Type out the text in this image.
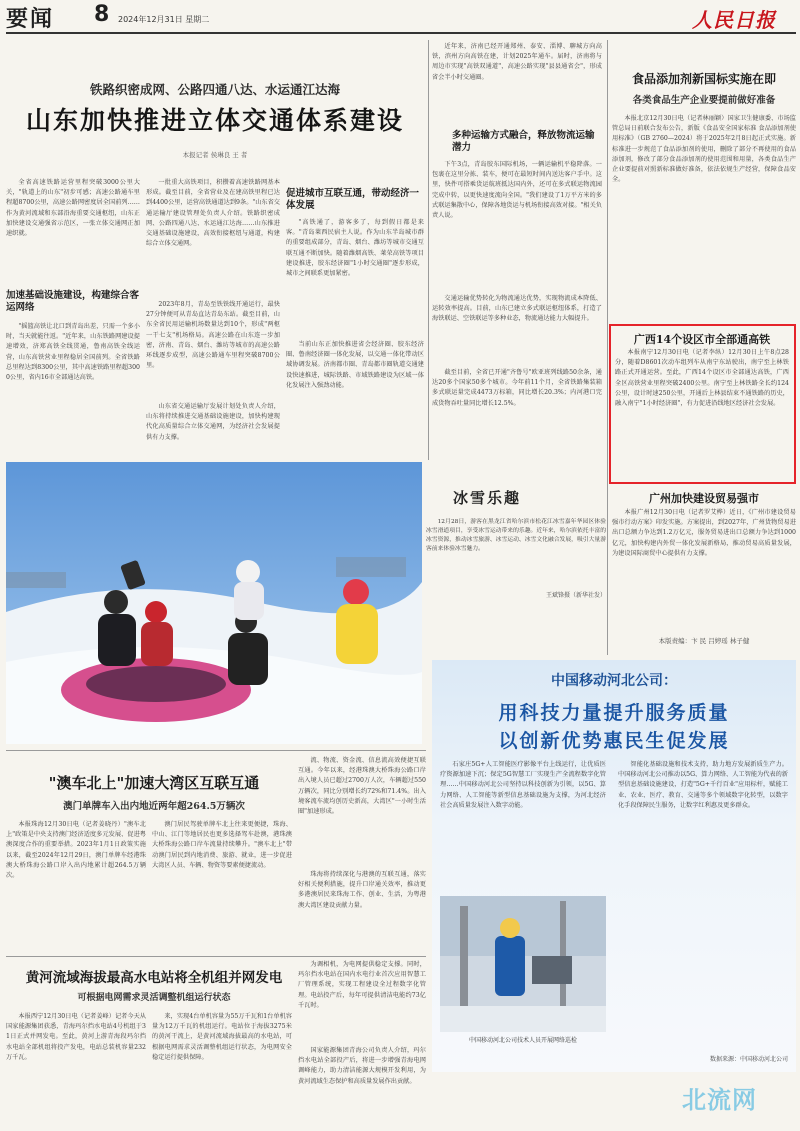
要闻 8 2024年12月31日 星期二	人民日报
铁路织密成网、公路四通八达、水运通江达海
山东加快推进立体交通体系建设
本报记者 侯琳良 王 者

全省高速铁路运营里程突破3000公里大关，"轨道上的山东"初步可感；高速公路通车里程超8700公里，高速公路网密度居全国前列……作为黄河流域和东部沿海重要交通枢纽，山东正加快建设交通强省示范区，一张立体交通网正加速织就。

加速基础设施建设，构建综合客运网络

"摇篮高铁让北口到青岛出差，只需一个多小时，当天就能往返。"近年来，山东铁路网建设提速增效，济郑高铁全线贯通，鲁南高铁全线运营，山东高铁营业里程稳居全国前列。全省铁路总里程达到8300公里，其中高速铁路里程超3000公里，省内16市全部通达高铁。

一批重大高铁项目，积攒着高速铁路网基本形成。截至目前，全省营业及在建高铁里程已达到4400公里，运营高铁通道达到9条。"山东省交通运输厅建设管理处负责人介绍。铁路织密成网、公路四通八达、水运通江达海……山东推进交通基础设施建设，高效衔接枢纽与通道，构建综合立体交通网。

2023年8月，青岛至铁铁线开通运行，最快27分钟便可从青岛直达青岛东站。截至目前，山东全省民用运输机场数量达到10个，形成"两枢一干七支"机场格局。高速公路在山东连一步加密，济南、青岛、烟台、潍坊等城市的高速公路环线逐步成型，高速公路通车里程突破8700公里。

山东省交通运输厅发展计划处负责人介绍，山东将持续推进交通基础设施建设，加快构建现代化高质量综合立体交通网，为经济社会发展提供有力支撑。

促进城市互联互通，带动经济一体发展

"高铁通了，游客多了，每到假日都是来客。"青岛莱西民宿主人说。作为山东半岛城市群的重要组成部分，青岛、烟台、潍坊等城市交通互联互通不断加快。随着潍烟高铁、莱荣高铁等项目建设推进，胶东经济圈"1小时交通圈"逐步形成，城市之间联系更加紧密。

当前山东正加快推进省会经济圈、胶东经济圈、鲁南经济圈一体化发展，以交通一体化带动区域协调发展。济南都市圈、青岛都市圈轨道交通建设快速推进，城际铁路、市域铁路建设为区域一体化发展注入强劲动能。

近年来，济南已经开通郑州、泰安、淄博、聊城方向高铁，滨州方向高铁在建，计划2025年通车。届时，济南将与周边市实现"高铁双通道"，高速公路实现"县县通省会"，形成省会半小时交通圈。

多种运输方式融合，释放物流运输潜力

下午3点，青岛胶东国际机场，一辆运输机平稳降落。一包裹在这里分拣、装车，便可在最短时间内送达客户手中。这里，快件可搭乘货运航班抵达国内外，还可在多式联运物流园完成中转，以更快速度流向全国。"我们建设了1万平方米的多式联运集散中心，保障各地货运与机场衔接高效对接。"相关负责人说。

交通运输优势转化为物流通达优势，实现物流成本降低、运转效率提高。目前，山东已建立多式联运枢纽体系，打造了海铁联运、空铁联运等多种业态，物流通达能力大幅提升。

截至目前，全省已开通"齐鲁号"欧亚班列线路50余条，通达20多个国家50多个城市。今年前11个月，全省铁路集装箱多式联运量完成4473万标箱，同比增长20.3%；内河港口完成货物吞吐量同比增长12.5%。

食品添加剂新国标实施在即
各类食品生产企业要提前做好准备

本报北京12月30日电（记者林丽颖）国家卫生健康委、市场监管总局日前联合发布公告，新版《食品安全国家标准 食品添加剂使用标准》（GB 2760—2024）将于2025年2月8日起正式实施。新标准进一步规范了食品添加剂的使用，删除了部分不再使用的食品添加剂，修改了部分食品添加剂的使用范围和用量，各类食品生产企业要提前对照新标准做好准备，依法依规生产经营，保障食品安全。

广西14个设区市全部通高铁

本报南宁12月30日电（记者李纵）12月30日上午8点28分，随着D8601次动车组列车从南宁东站驶出，南宁至上林铁路正式开通运营。至此，广西14个设区市全部通达高铁，广西全区高铁营业里程突破2400公里。南宁至上林铁路全长约124公里，设计时速250公里，开通后上林县结束不通铁路的历史，融入南宁"1小时经济圈"，有力促进沿线地区经济社会发展。

广州加快建设贸易强市

本报广州12月30日电（记者罗艾桦）近日，《广州市建设贸易强市行动方案》印发实施。方案提出，到2027年，广州货物贸易进出口总额力争达到1.2万亿元，服务贸易进出口总额力争达到1000亿元，加快构建内外贸一体化发展新格局，推动贸易高质量发展，为建设国际商贸中心提供有力支撑。

本版责编：卞 民 吕婷瑶 林子健
冰雪乐趣

12月28日，游客在黑龙江省哈尔滨市松花江冰雪嘉年华园区体验冰雪滑道项目，享受冰雪运动带来的乐趣。近年来，哈尔滨依托丰富的冰雪资源，推动冰雪旅游、冰雪运动、冰雪文化融合发展，吸引大量游客前来体验冰雪魅力。

王斌锋摄（新华社发）
"澳车北上"加速大湾区互联互通
澳门单牌车入出内地近两年超264.5万辆次

本报珠海12月30日电（记者姜晓丹）"澳车北上"政策是中央支持澳门经济适度多元发展、促进粤澳深度合作的重要举措。2023年1月1日政策实施以来，截至2024年12月29日，澳门单牌车经港珠澳大桥珠海公路口岸入出内地累计超264.5万辆次。

澳门居民驾驶单牌车北上往来更便捷，珠海、中山、江门等地居民也更多选择驾车赴澳，港珠澳大桥珠海公路口岸车流量持续攀升。"澳车北上"带动澳门居民到内地消费、旅游、就业，进一步促进大湾区人员、车辆、物资等要素便捷流动。

流、物流、资金流、信息流高效便捷互联互通。今年以来，经港珠澳大桥珠海公路口岸出入境人员已超过2700万人次，车辆超过550万辆次，同比分别增长约72%和71.4%。出入境客流车流均创历史新高，大湾区"一小时生活圈"加速形成。

珠海将持续深化与港澳的互联互通，落实好相关便利措施，提升口岸通关效率，推动更多港澳居民来珠海工作、创业、生活，为粤港澳大湾区建设贡献力量。

黄河流域海拔最高水电站将全机组并网发电
可根据电网需求灵活调整机组运行状态

本报西宁12月30日电（记者姜峰）记者今天从国家能源集团获悉，青海玛尔挡水电站4号机组于31日正式并网发电。至此，黄河上游青海段玛尔挡水电站全部机组将投产发电，电站总装机容量232万千瓦。

来，实现4台单机容量为55万千瓦和1台单机容量为12万千瓦的机组运行。电站位于海拔3275米的黄河干流上，是黄河流域海拔最高的水电站，可根据电网需求灵活调整机组运行状态，为电网安全稳定运行提供保障。

为调相机，为电网提供稳定支撑。同时，玛尔挡水电站在国内水电行业首次应用智慧工厂管理系统，实现工程建设全过程数字化管理。电站投产后，每年可提供清洁电能约73亿千瓦时。

国家能源集团青海公司负责人介绍，玛尔挡水电站全部投产后，将进一步增强青海电网调峰能力，助力清洁能源大规模开发利用，为黄河流域生态保护和高质量发展作出贡献。

中国移动河北公司：
用科技力量提升服务质量
以创新优势惠民生促发展

石家庄5G+人工智能医疗影像平台上线运行，让优质医疗资源加速下沉；保定5G智慧工厂实现生产全流程数字化管理……中国移动河北公司坚持以科技创新为引领，以5G、算力网络、人工智能等新型信息基础设施为支撑，为河北经济社会高质量发展注入数字动能。

智能化基础设施和技术支持，助力地方发展新质生产力。中国移动河北公司推动以5G、算力网络、人工智能为代表的新型信息基础设施建设，打造"5G+千行百业"应用标杆，赋能工业、农业、医疗、教育、交通等多个领域数字化转型，以数字化手段保障民生服务，让数字红利惠及更多群众。

中国移动河北公司技术人员开展网络巡检
数据来源：中国移动河北公司
北流网
